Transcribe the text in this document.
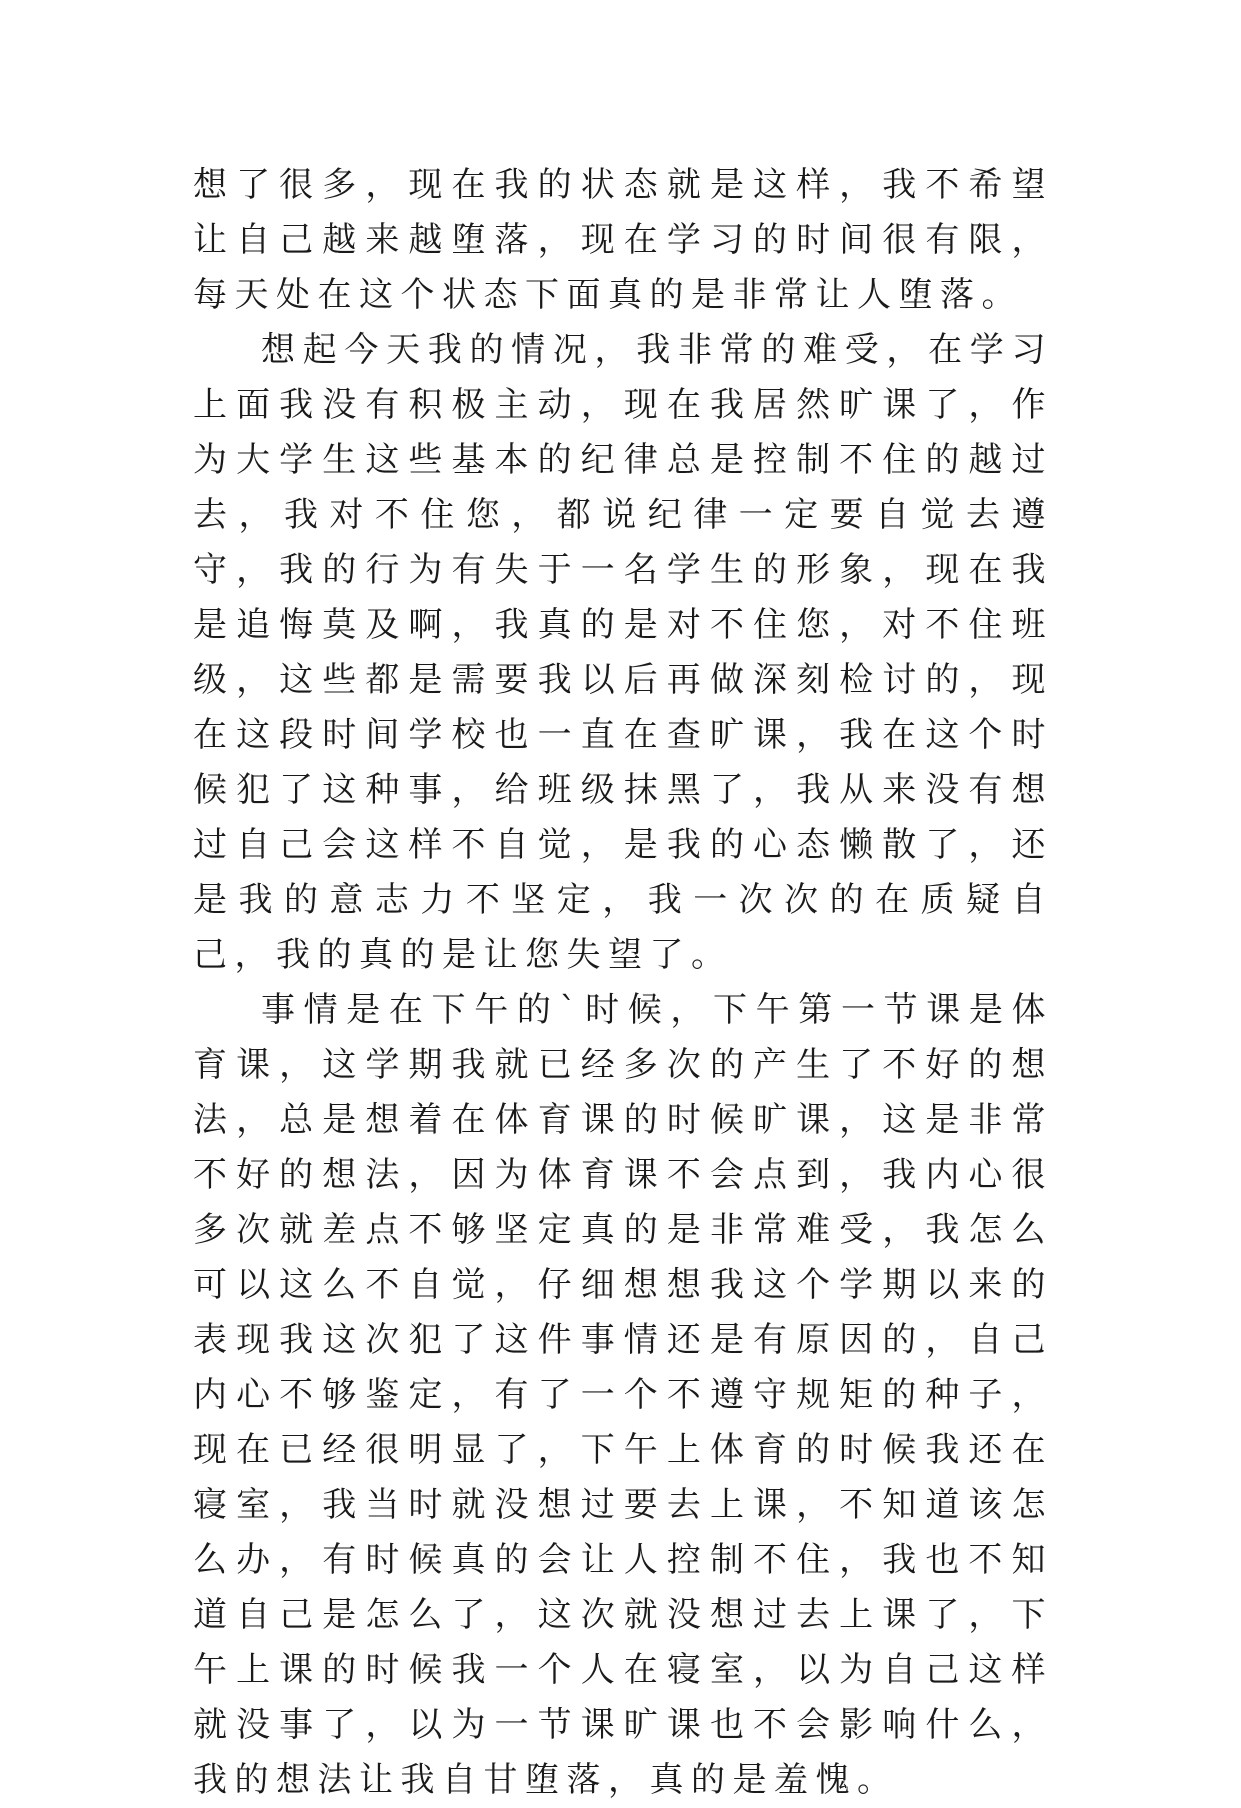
想了很多，现在我的状态就是这样，我不希望让自己越来越堕落，现在学习的时间很有限，每天处在这个状态下面真的是非常让人堕落。

想起今天我的情况，我非常的难受，在学习上面我没有积极主动，现在我居然旷课了，作为大学生这些基本的纪律总是控制不住的越过去，我对不住您，都说纪律一定要自觉去遵守，我的行为有失于一名学生的形象，现在我是追悔莫及啊，我真的是对不住您，对不住班级，这些都是需要我以后再做深刻检讨的，现在这段时间学校也一直在查旷课，我在这个时候犯了这种事，给班级抹黑了，我从来没有想过自己会这样不自觉，是我的心态懒散了，还是我的意志力不坚定，我一次次的在质疑自己，我的真的是让您失望了。

事情是在下午的`时候，下午第一节课是体育课，这学期我就已经多次的产生了不好的想法，总是想着在体育课的时候旷课，这是非常不好的想法，因为体育课不会点到，我内心很多次就差点不够坚定真的是非常难受，我怎么可以这么不自觉，仔细想想我这个学期以来的表现我这次犯了这件事情还是有原因的，自己内心不够鉴定，有了一个不遵守规矩的种子，现在已经很明显了，下午上体育的时候我还在寝室，我当时就没想过要去上课，不知道该怎么办，有时候真的会让人控制不住，我也不知道自己是怎么了，这次就没想过去上课了，下午上课的时候我一个人在寝室，以为自己这样就没事了，以为一节课旷课也不会影响什么，我的想法让我自甘堕落，真的是羞愧。
